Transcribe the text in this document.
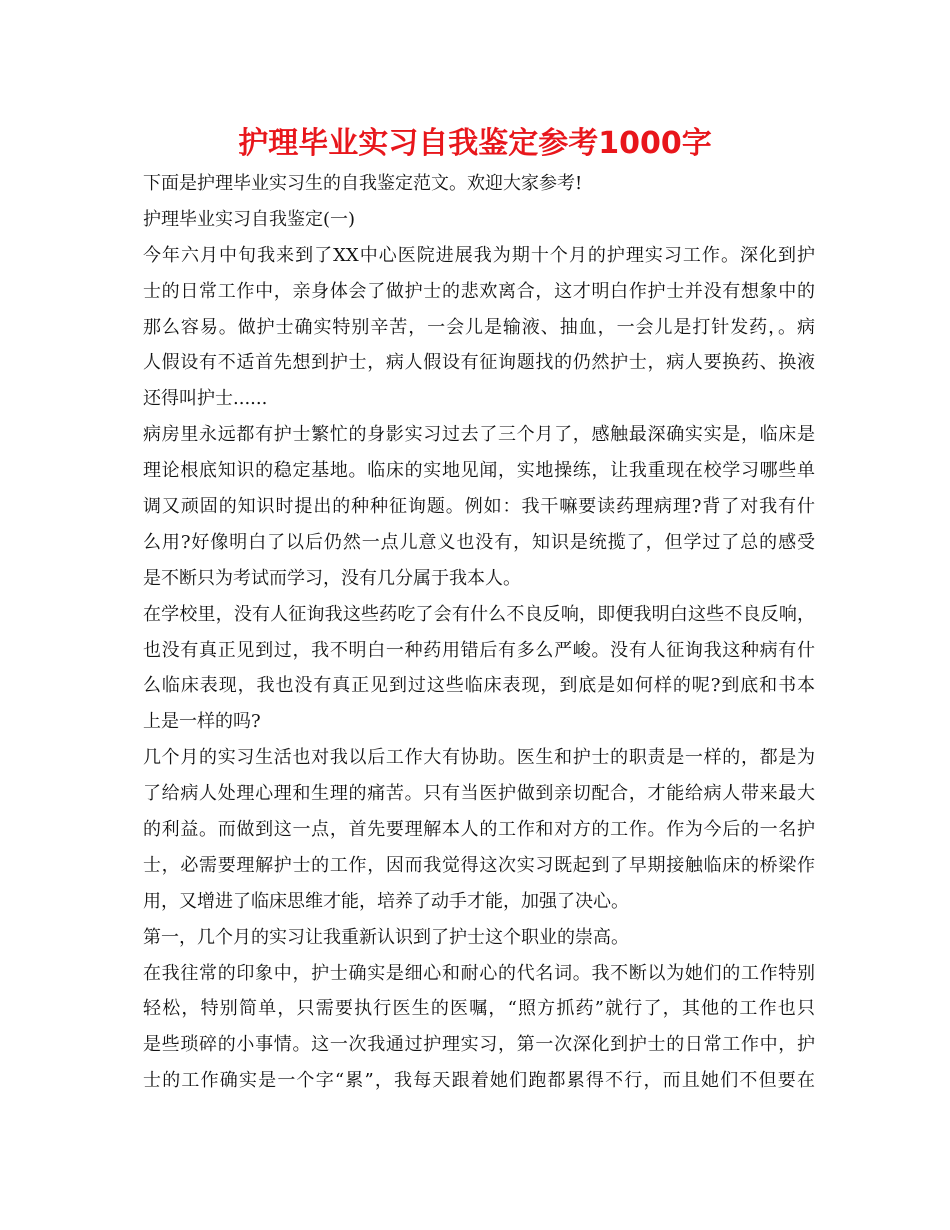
护理毕业实习自我鉴定参考1000字
下面是护理毕业实习生的自我鉴定范文。欢迎大家参考!
护理毕业实习自我鉴定(一)
今年六月中旬我来到了XX中心医院进展我为期十个月的护理实习工作。深化到护
士的日常工作中，亲身体会了做护士的悲欢离合，这才明白作护士并没有想象中的
那么容易。做护士确实特别辛苦，一会儿是输液、抽血，一会儿是打针发药，。病
人假设有不适首先想到护士，病人假设有征询题找的仍然护士，病人要换药、换液
还得叫护士......
病房里永远都有护士繁忙的身影实习过去了三个月了，感触最深确实实是，临床是
理论根底知识的稳定基地。临床的实地见闻，实地操练，让我重现在校学习哪些单
调又顽固的知识时提出的种种征询题。例如：我干嘛要读药理病理?背了对我有什
么用?好像明白了以后仍然一点儿意义也没有，知识是统揽了，但学过了总的感受
是不断只为考试而学习，没有几分属于我本人。
在学校里，没有人征询我这些药吃了会有什么不良反响，即便我明白这些不良反响，
也没有真正见到过，我不明白一种药用错后有多么严峻。没有人征询我这种病有什
么临床表现，我也没有真正见到过这些临床表现，到底是如何样的呢?到底和书本
上是一样的吗?
几个月的实习生活也对我以后工作大有协助。医生和护士的职责是一样的，都是为
了给病人处理心理和生理的痛苦。只有当医护做到亲切配合，才能给病人带来最大
的利益。而做到这一点，首先要理解本人的工作和对方的工作。作为今后的一名护
士，必需要理解护士的工作，因而我觉得这次实习既起到了早期接触临床的桥梁作
用，又增进了临床思维才能，培养了动手才能，加强了决心。
第一，几个月的实习让我重新认识到了护士这个职业的崇高。
在我往常的印象中，护士确实是细心和耐心的代名词。我不断以为她们的工作特别
轻松，特别简单，只需要执行医生的医嘱，“照方抓药”就行了，其他的工作也只
是些琐碎的小事情。这一次我通过护理实习，第一次深化到护士的日常工作中，护
士的工作确实是一个字“累”，我每天跟着她们跑都累得不行，而且她们不但要在
